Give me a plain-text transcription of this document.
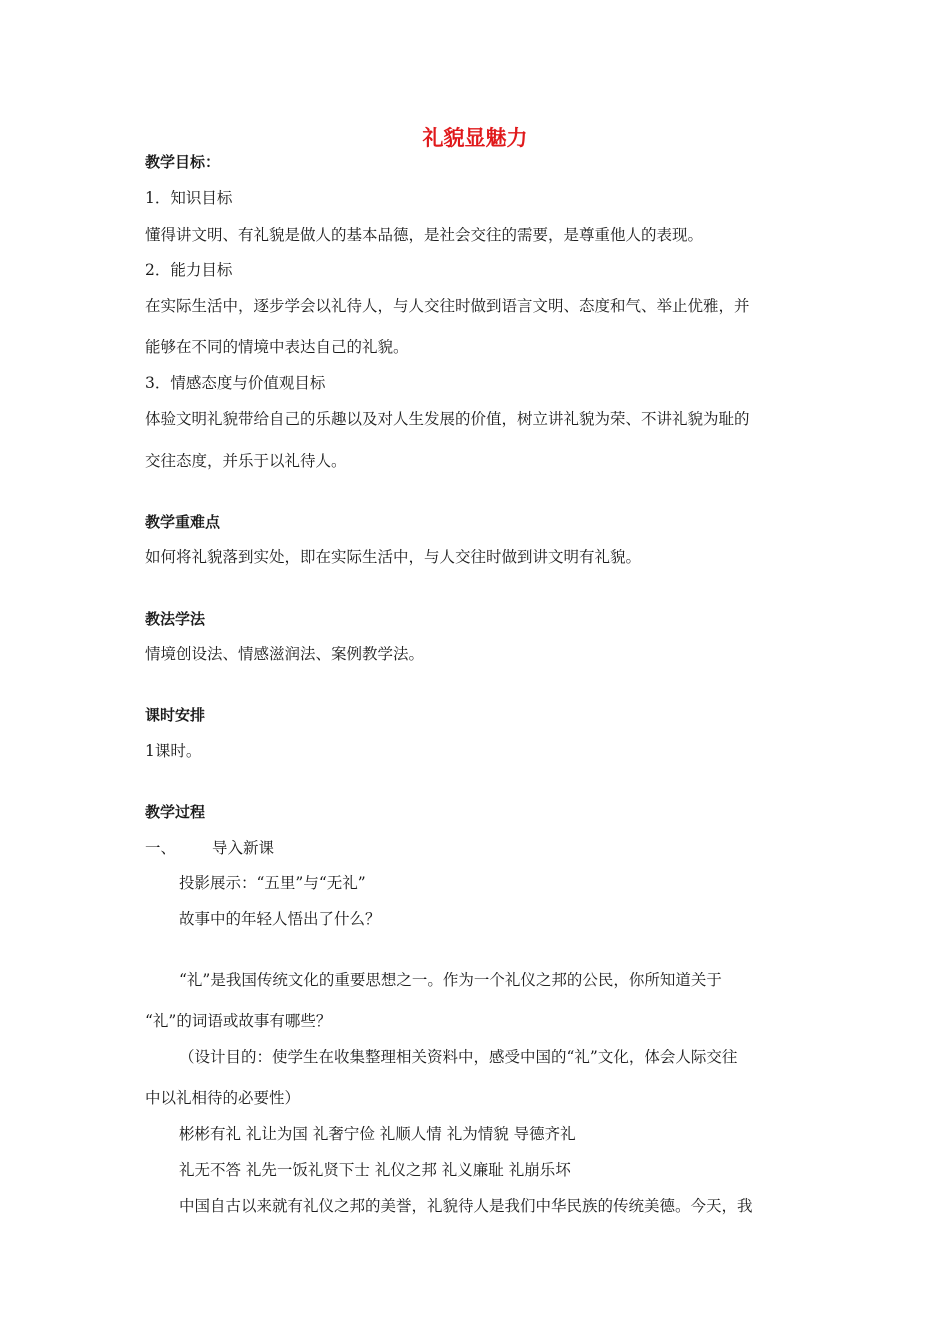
礼貌显魅力
教学目标：
1．知识目标
懂得讲文明、有礼貌是做人的基本品德，是社会交往的需要，是尊重他人的表现。
2．能力目标
在实际生活中，逐步学会以礼待人，与人交往时做到语言文明、态度和气、举止优雅，并
能够在不同的情境中表达自己的礼貌。
3．情感态度与价值观目标
体验文明礼貌带给自己的乐趣以及对人生发展的价值，树立讲礼貌为荣、不讲礼貌为耻的
交往态度，并乐于以礼待人。
教学重难点
如何将礼貌落到实处，即在实际生活中，与人交往时做到讲文明有礼貌。
教法学法
情境创设法、情感滋润法、案例教学法。
课时安排
1课时。
教学过程
一、 导入新课
投影展示：“五里”与“无礼”
故事中的年轻人悟出了什么？
“礼”是我国传统文化的重要思想之一。作为一个礼仪之邦的公民，你所知道关于
“礼”的词语或故事有哪些？
（设计目的：使学生在收集整理相关资料中，感受中国的“礼”文化，体会人际交往
中以礼相待的必要性）
彬彬有礼 礼让为国 礼奢宁俭 礼顺人情 礼为情貌 导德齐礼
礼无不答 礼先一饭礼贤下士 礼仪之邦 礼义廉耻 礼崩乐坏
中国自古以来就有礼仪之邦的美誉，礼貌待人是我们中华民族的传统美德。今天，我
